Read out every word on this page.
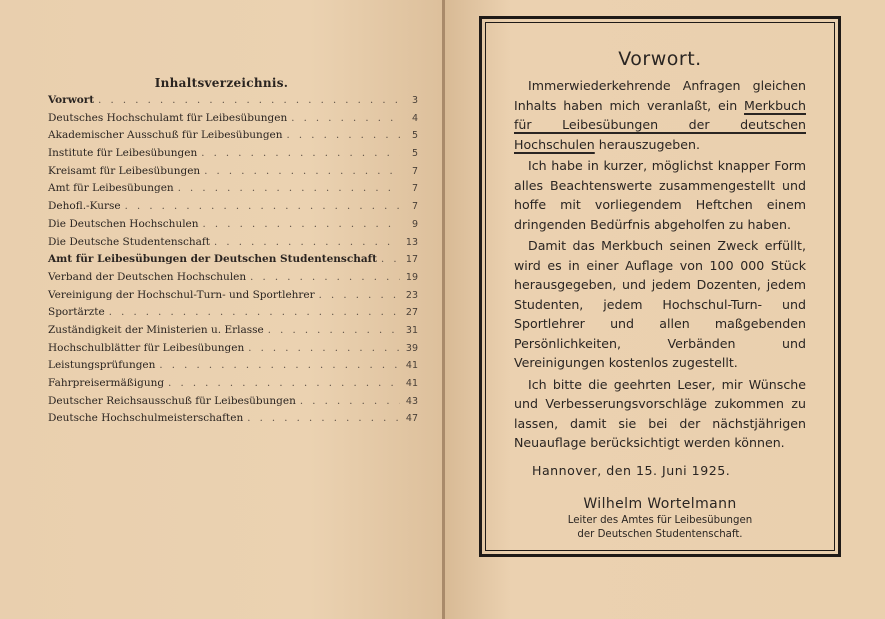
Inhaltsverzeichnis.
Vorwort . . .	3
Deutsches Hochschulamt für Leibesübungen . . .	4
Akademischer Ausschuß für Leibesübungen . . .	5
Institute für Leibesübungen . . .	5
Kreisamt für Leibesübungen . . .	7
Amt für Leibesübungen . . .	7
Dehofl.-Kurse . . .	7
Die Deutschen Hochschulen . . .	9
Die Deutsche Studentenschaft . . .	13
Amt für Leibesübungen der Deutschen Studentenschaft . . .	17
Verband der Deutschen Hochschulen . . .	19
Vereinigung der Hochschul-Turn- und Sportlehrer . . .	23
Sportärzte . . .	27
Zuständigkeit der Ministerien u. Erlasse . . .	31
Hochschulblätter für Leibesübungen . . .	39
Leistungsprüfungen . . .	41
Fahrpreisermäßigung . . .	41
Deutscher Reichsausschuß für Leibesübungen . . .	43
Deutsche Hochschulmeisterschaften . . .	47
Vorwort.

Immerwiederkehrende Anfragen gleichen Inhalts haben mich veranlaßt, ein Merkbuch für Leibesübungen der deutschen Hochschulen herauszugeben.

Ich habe in kurzer, möglichst knapper Form alles Beachtenswerte zusammengestellt und hoffe mit vorliegendem Heftchen einem dringenden Bedürfnis abgeholfen zu haben.

Damit das Merkbuch seinen Zweck erfüllt, wird es in einer Auflage von 100 000 Stück herausgegeben, und jedem Dozenten, jedem Studenten, jedem Hochschul-Turn- und Sportlehrer und allen maßgebenden Persönlichkeiten, Verbänden und Vereinigungen kostenlos zugestellt.

Ich bitte die geehrten Leser, mir Wünsche und Verbesserungsvorschläge zukommen zu lassen, damit sie bei der nächstjährigen Neuauflage berücksichtigt werden können.

Hannover, den 15. Juni 1925.
Wilhelm Wortelmann
Leiter des Amtes für Leibesübungen
der Deutschen Studentenschaft.
